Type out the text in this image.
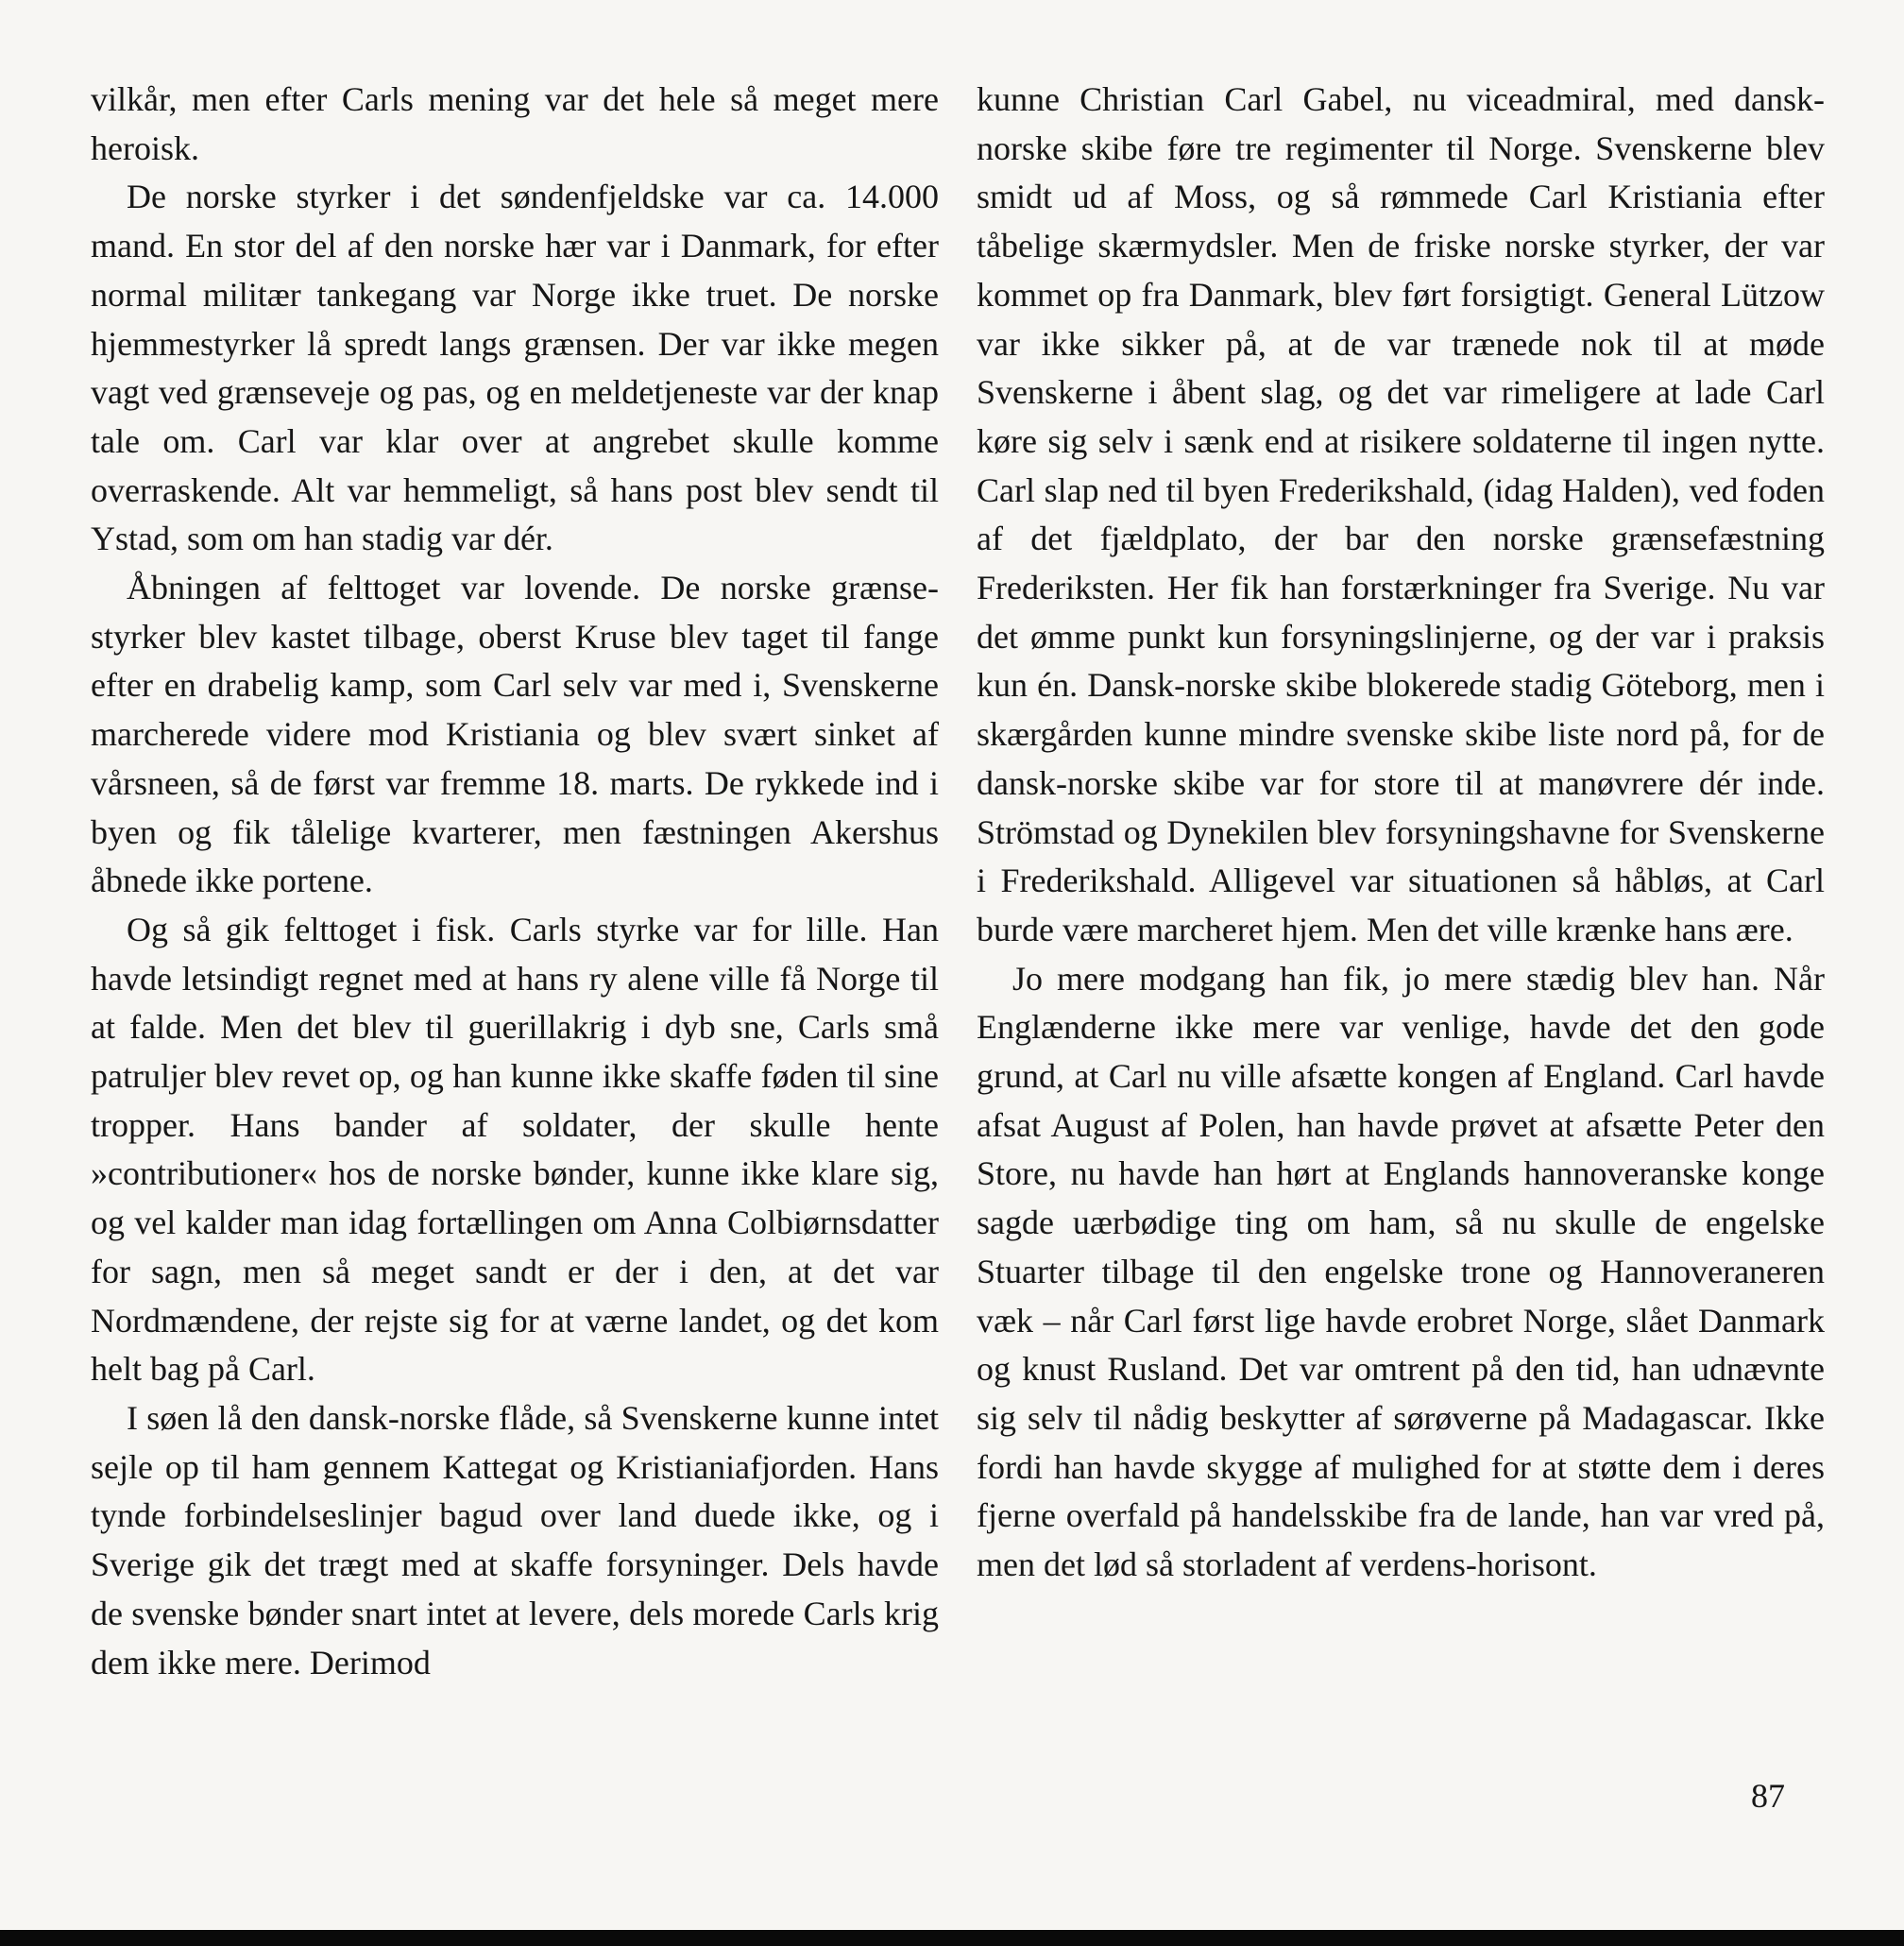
vilkår, men efter Carls mening var det hele så meget mere heroisk.

De norske styrker i det søndenfjeldske var ca. 14.000 mand. En stor del af den norske hær var i Danmark, for efter normal militær tankegang var Norge ikke truet. De norske hjemmestyrker lå spredt langs grænsen. Der var ikke megen vagt ved grænseveje og pas, og en meldetjeneste var der knap tale om. Carl var klar over at angrebet skulle komme overraskende. Alt var hemmeligt, så hans post blev sendt til Ystad, som om han stadig var dér.

Åbningen af felttoget var lovende. De norske grænsestyrker blev kastet tilbage, oberst Kruse blev taget til fange efter en drabelig kamp, som Carl selv var med i, Svenskerne marcherede videre mod Kristiania og blev svært sinket af vårsneen, så de først var fremme 18. marts. De rykkede ind i byen og fik tålelige kvarterer, men fæstningen Akershus åbnede ikke portene.

Og så gik felttoget i fisk. Carls styrke var for lille. Han havde letsindigt regnet med at hans ry alene ville få Norge til at falde. Men det blev til guerillakrig i dyb sne, Carls små patruljer blev revet op, og han kunne ikke skaffe føden til sine tropper. Hans bander af soldater, der skulle hente »contributioner« hos de norske bønder, kunne ikke klare sig, og vel kalder man idag fortællingen om Anna Colbiørnsdatter for sagn, men så meget sandt er der i den, at det var Nordmændene, der rejste sig for at værne landet, og det kom helt bag på Carl.

I søen lå den dansk-norske flåde, så Svenskerne kunne intet sejle op til ham gennem Kattegat og Kristianiafjorden. Hans tynde forbindelseslinjer bagud over land duede ikke, og i Sverige gik det trægt med at skaffe forsyninger. Dels havde de svenske bønder snart intet at levere, dels morede Carls krig dem ikke mere. Derimod

kunne Christian Carl Gabel, nu viceadmiral, med dansk-norske skibe føre tre regimenter til Norge. Svenskerne blev smidt ud af Moss, og så rømmede Carl Kristiania efter tåbelige skærmydsler. Men de friske norske styrker, der var kommet op fra Danmark, blev ført forsigtigt. General Lützow var ikke sikker på, at de var trænede nok til at møde Svenskerne i åbent slag, og det var rimeligere at lade Carl køre sig selv i sænk end at risikere soldaterne til ingen nytte. Carl slap ned til byen Frederikshald, (idag Halden), ved foden af det fjældplato, der bar den norske grænsefæstning Frederiksten. Her fik han forstærkninger fra Sverige. Nu var det ømme punkt kun forsyningslinjerne, og der var i praksis kun én. Dansk-norske skibe blokerede stadig Göteborg, men i skærgården kunne mindre svenske skibe liste nord på, for de dansk-norske skibe var for store til at manøvrere dér inde. Strömstad og Dynekilen blev forsyningshavne for Svenskerne i Frederikshald. Alligevel var situationen så håbløs, at Carl burde være marcheret hjem. Men det ville krænke hans ære.

Jo mere modgang han fik, jo mere stædig blev han. Når Englænderne ikke mere var venlige, havde det den gode grund, at Carl nu ville afsætte kongen af England. Carl havde afsat August af Polen, han havde prøvet at afsætte Peter den Store, nu havde han hørt at Englands hannoveranske konge sagde uærbødige ting om ham, så nu skulle de engelske Stuarter tilbage til den engelske trone og Hannoveraneren væk – når Carl først lige havde erobret Norge, slået Danmark og knust Rusland. Det var omtrent på den tid, han udnævnte sig selv til nådig beskytter af sørøverne på Madagascar. Ikke fordi han havde skygge af mulighed for at støtte dem i deres fjerne overfald på handelsskibe fra de lande, han var vred på, men det lød så storladent af verdens-horisont.

87
